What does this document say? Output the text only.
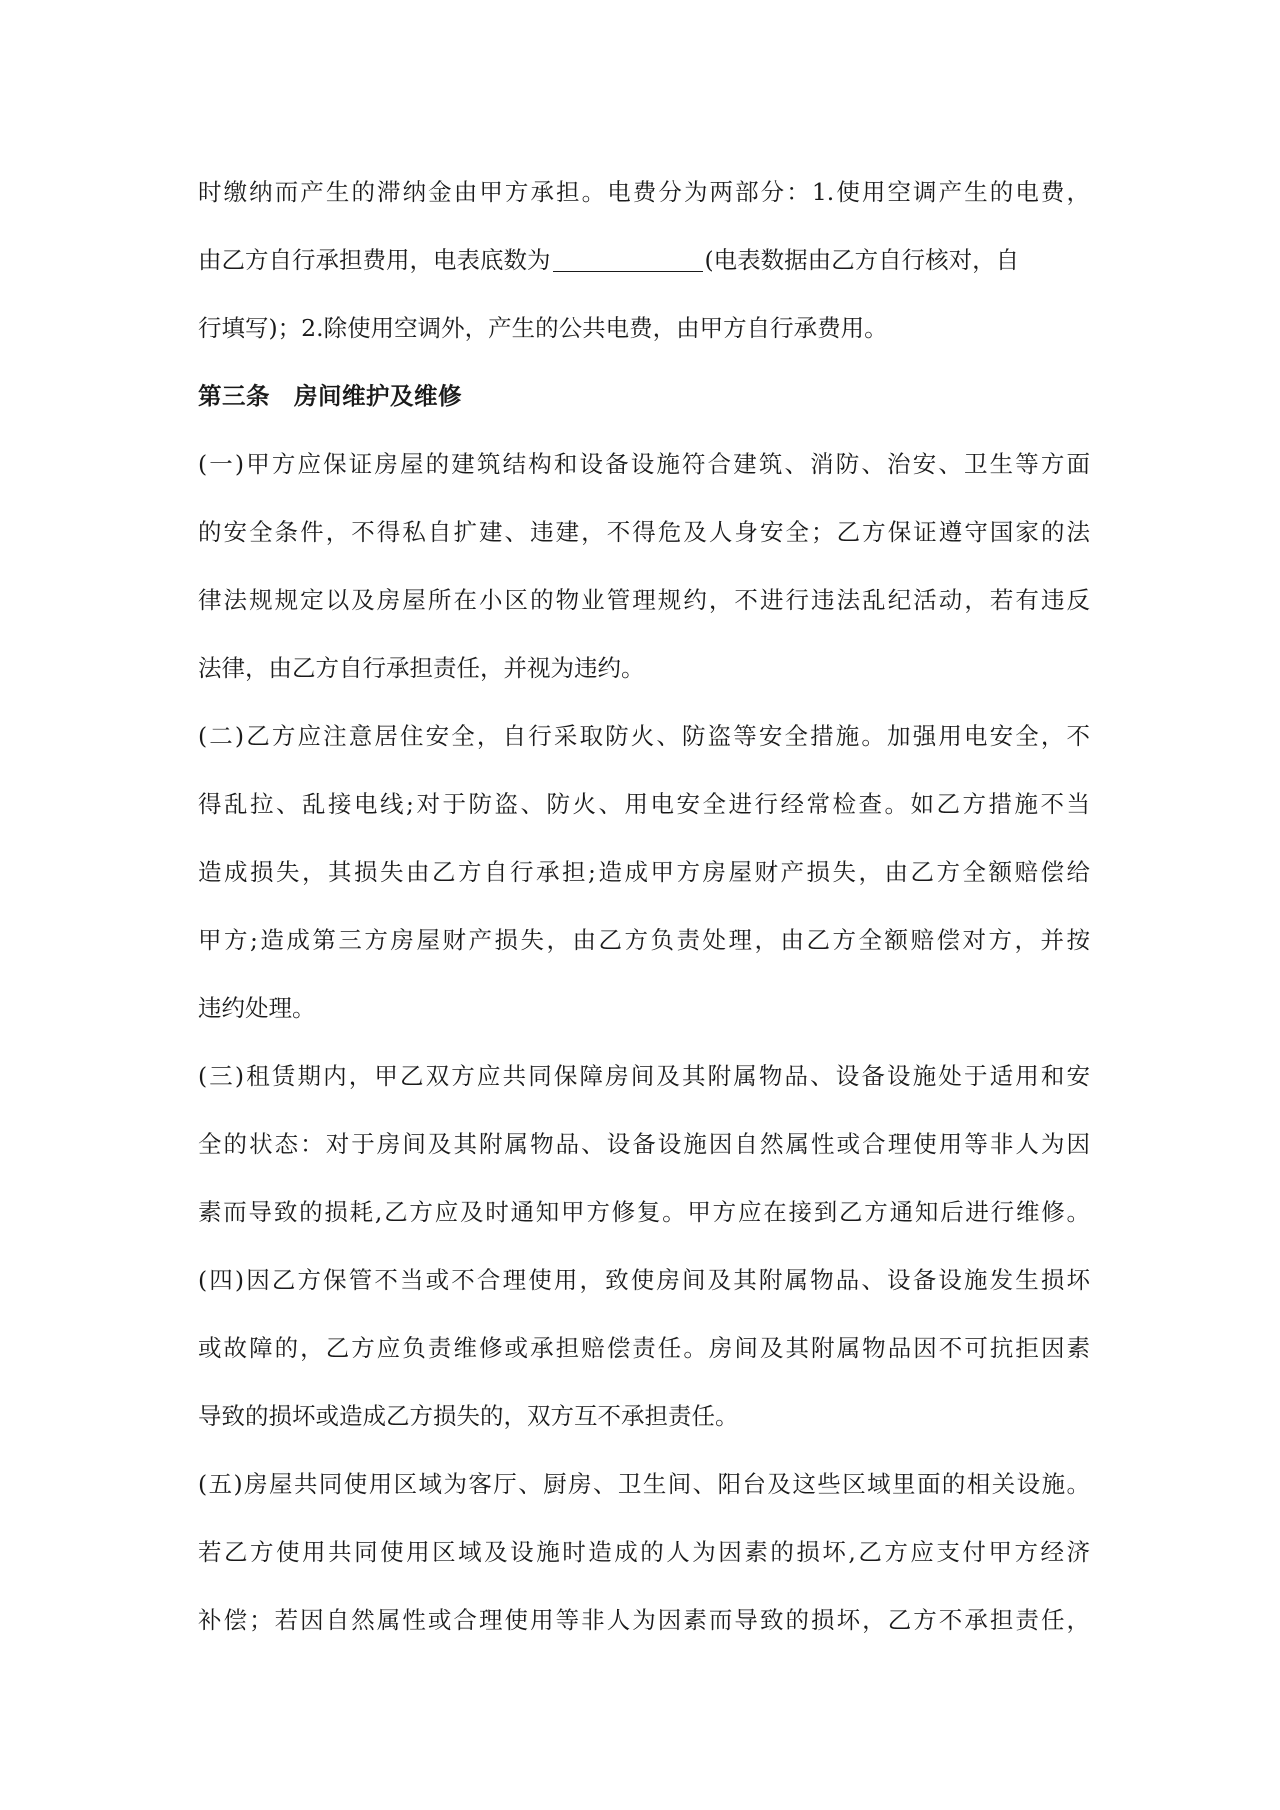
时缴纳而产生的滞纳金由甲方承担。电费分为两部分：1.使用空调产生的电费，
由乙方自行承担费用，电表底数为	(电表数据由乙方自行核对，自
行填写)；2.除使用空调外，产生的公共电费，由甲方自行承费用。
第三条　房间维护及维修
(一)甲方应保证房屋的建筑结构和设备设施符合建筑、消防、治安、卫生等方面
的安全条件，不得私自扩建、违建，不得危及人身安全；乙方保证遵守国家的法
律法规规定以及房屋所在小区的物业管理规约，不进行违法乱纪活动，若有违反
法律，由乙方自行承担责任，并视为违约。
(二)乙方应注意居住安全，自行采取防火、防盗等安全措施。加强用电安全，不
得乱拉、乱接电线;对于防盗、防火、用电安全进行经常检查。如乙方措施不当
造成损失，其损失由乙方自行承担;造成甲方房屋财产损失，由乙方全额赔偿给
甲方;造成第三方房屋财产损失，由乙方负责处理，由乙方全额赔偿对方，并按
违约处理。
(三)租赁期内，甲乙双方应共同保障房间及其附属物品、设备设施处于适用和安
全的状态：对于房间及其附属物品、设备设施因自然属性或合理使用等非人为因
素而导致的损耗,乙方应及时通知甲方修复。甲方应在接到乙方通知后进行维修。
(四)因乙方保管不当或不合理使用，致使房间及其附属物品、设备设施发生损坏
或故障的，乙方应负责维修或承担赔偿责任。房间及其附属物品因不可抗拒因素
导致的损坏或造成乙方损失的，双方互不承担责任。
(五)房屋共同使用区域为客厅、厨房、卫生间、阳台及这些区域里面的相关设施。
若乙方使用共同使用区域及设施时造成的人为因素的损坏,乙方应支付甲方经济
补偿；若因自然属性或合理使用等非人为因素而导致的损坏，乙方不承担责任，
